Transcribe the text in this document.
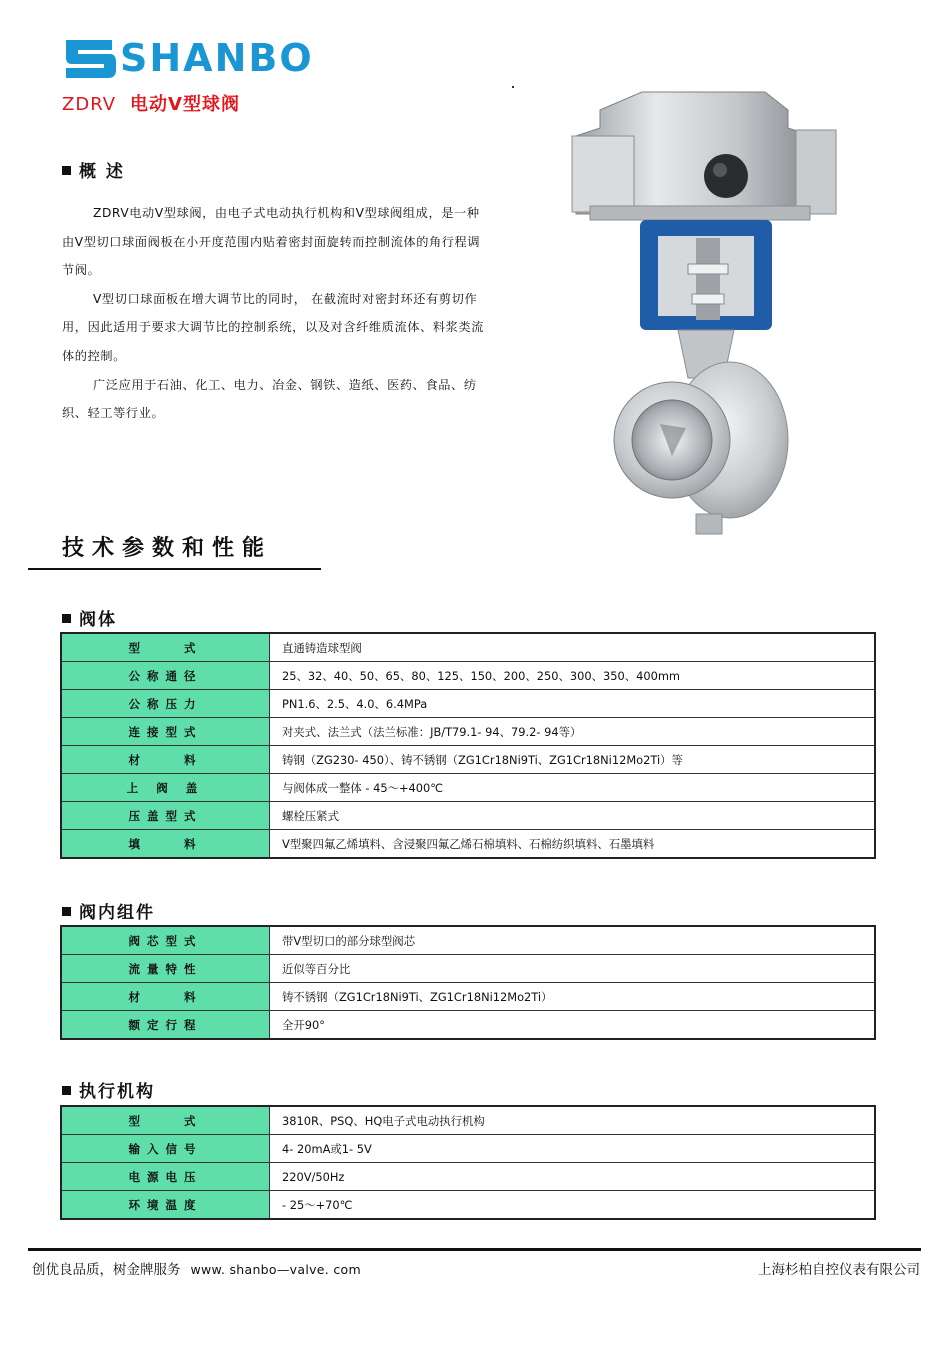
SHANBO
ZDRV 电动V型球阀
概 述

ZDRV电动V型球阀，由电子式电动执行机构和V型球阀组成，是一种由V型切口球面阀板在小开度范围内贴着密封面旋转而控制流体的角行程调节阀。

V型切口球面板在增大调节比的同时， 在截流时对密封环还有剪切作用，因此适用于要求大调节比的控制系统，以及对含纤维质流体、料浆类流体的控制。

广泛应用于石油、化工、电力、冶金、钢铁、造纸、医药、食品、纺织、轻工等行业。

技术参数和性能
阀体
型　　式	直通铸造球型阀
公称通径	25、32、40、50、65、80、125、150、200、250、300、350、400mm
公称压力	PN1.6、2.5、4.0、6.4MPa
连接型式	对夹式、法兰式（法兰标准：JB/T79.1- 94、79.2- 94等）
材　　料	铸钢（ZG230- 450）、铸不锈钢（ZG1Cr18Ni9Ti、ZG1Cr18Ni12Mo2Ti）等
上 阀 盖	与阀体成一整体 - 45～+400℃
压盖型式	螺栓压紧式
填　　料	V型聚四氟乙烯填料、含浸聚四氟乙烯石棉填料、石棉纺织填料、石墨填料
阀内组件
阀芯型式	带V型切口的部分球型阀芯
流量特性	近似等百分比
材　　料	铸不锈钢（ZG1Cr18Ni9Ti、ZG1Cr18Ni12Mo2Ti）
额定行程	全开90°
执行机构
型　　式	3810R、PSQ、HQ电子式电动执行机构
输入信号	4- 20mA或1- 5V
电源电压	220V/50Hz
环境温度	- 25～+70℃
创优良品质，树金牌服务 www. shanbo—valve. com	上海杉柏自控仪表有限公司
